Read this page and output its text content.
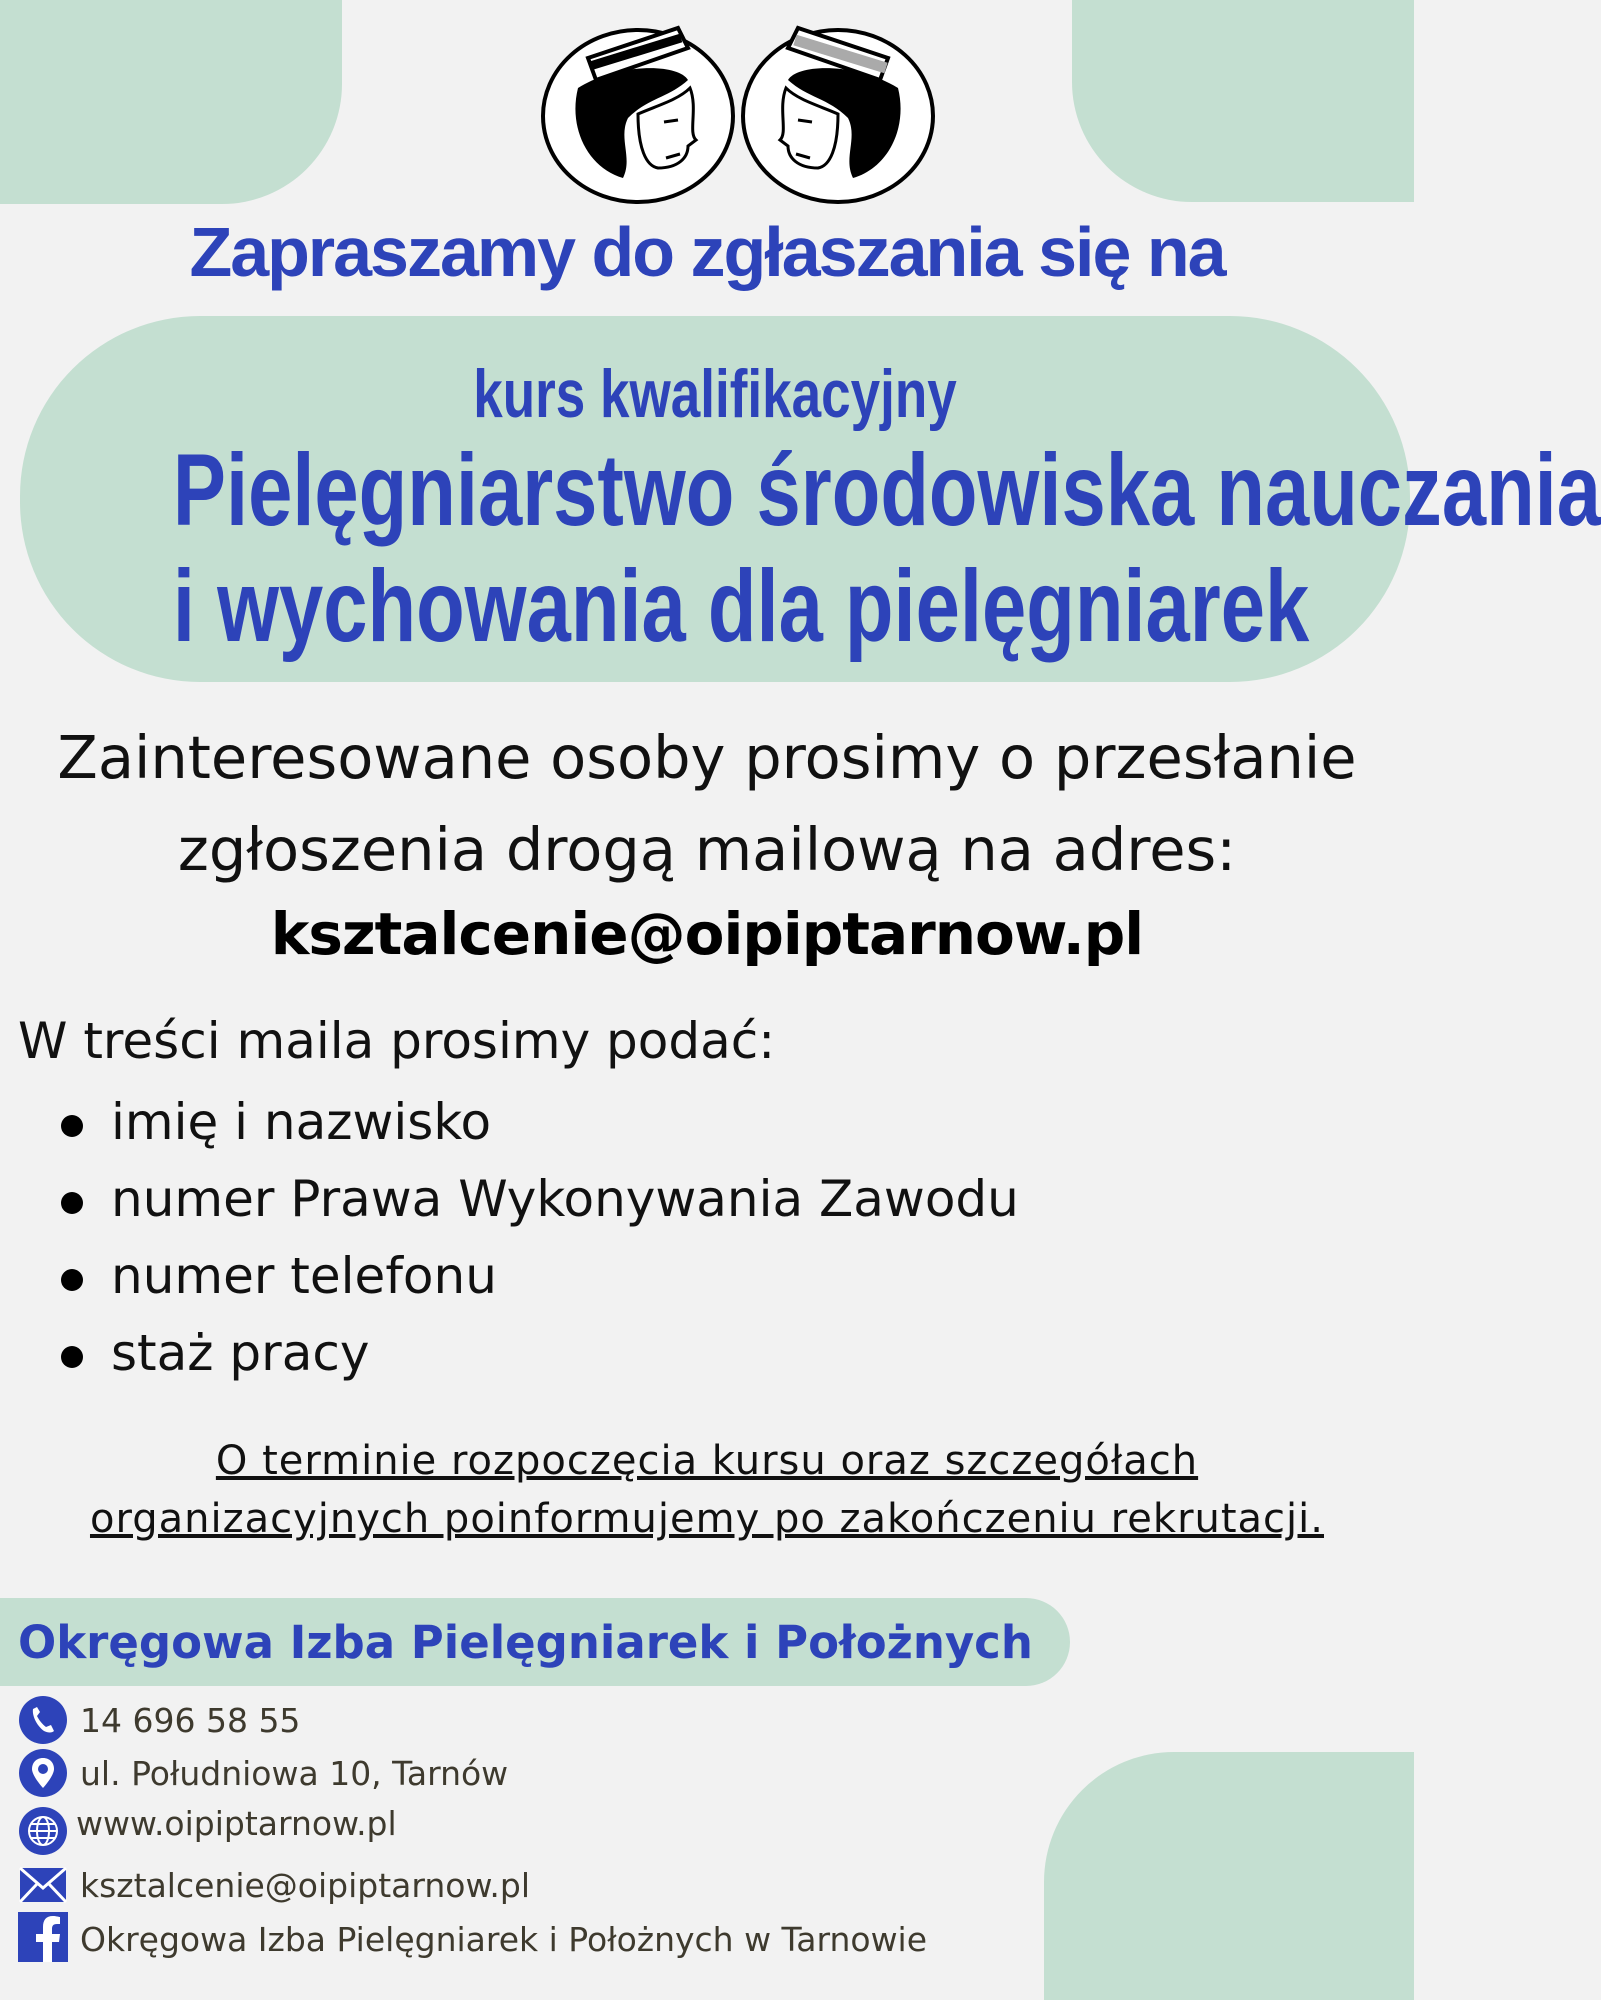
Zapraszamy do zgłaszania się na
kurs kwalifikacyjny
Pielęgniarstwo środowiska nauczania
i wychowania dla pielęgniarek
Zainteresowane osoby prosimy o przesłanie
zgłoszenia drogą mailową na adres:
ksztalcenie@oipiptarnow.pl
W treści maila prosimy podać:
imię i nazwisko
numer Prawa Wykonywania Zawodu
numer telefonu
staż pracy
O terminie rozpoczęcia kursu oraz szczegółach
organizacyjnych poinformujemy po zakończeniu rekrutacji.
Okręgowa Izba Pielęgniarek i Położnych
14 696 58 55
ul. Południowa 10, Tarnów
www.oipiptarnow.pl
ksztalcenie@oipiptarnow.pl
Okręgowa Izba Pielęgniarek i Położnych w Tarnowie
